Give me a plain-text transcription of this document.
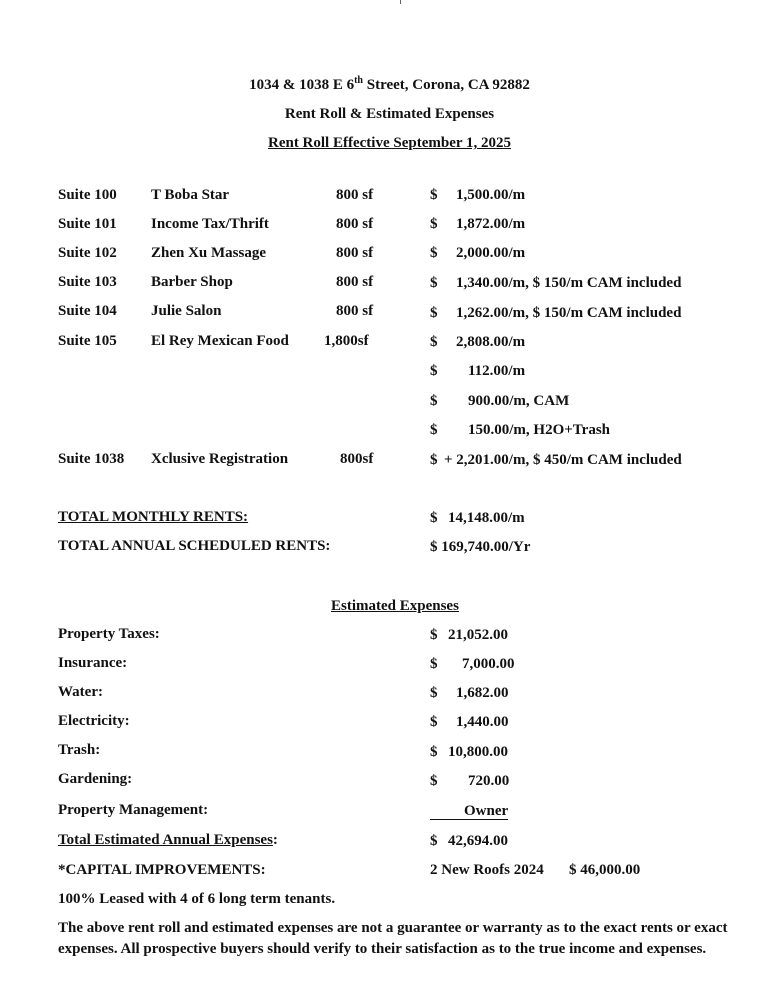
1034 & 1038 E 6th Street, Corona, CA 92882
Rent Roll & Estimated Expenses
Rent Roll Effective September 1, 2025
Suite 100 T Boba Star	800 sf	$ 1,500.00/m
Suite 101 Income Tax/Thrift	800 sf	$ 1,872.00/m
Suite 102 Zhen Xu Massage	800 sf	$ 2,000.00/m
Suite 103 Barber Shop	800 sf	$ 1,340.00/m, $ 150/m CAM included
Suite 104 Julie Salon	800 sf	$ 1,262.00/m, $ 150/m CAM included
Suite 105 El Rey Mexican Food 1,800sf	$ 2,808.00/m
$ 112.00/m
$ 900.00/m, CAM
$ 150.00/m, H2O+Trash
Suite 1038 Xclusive Registration	800sf	$ + 2,201.00/m, $ 450/m CAM included
TOTAL MONTHLY RENTS:	$ 14,148.00/m
TOTAL ANNUAL SCHEDULED RENTS:	$ 169,740.00/Yr
Estimated Expenses
Property Taxes:	$ 21,052.00
Insurance:	$ 7,000.00
Water:	$ 1,682.00
Electricity:	$ 1,440.00
Trash:	$ 10,800.00
Gardening:	$ 720.00
Property Management:	Owner
Total Estimated Annual Expenses:	$ 42,694.00
*CAPITAL IMPROVEMENTS:	2 New Roofs 2024 $ 46,000.00
100% Leased with 4 of 6 long term tenants.
The above rent roll and estimated expenses are not a guarantee or warranty as to the exact rents or exact expenses. All prospective buyers should verify to their satisfaction as to the true income and expenses.
